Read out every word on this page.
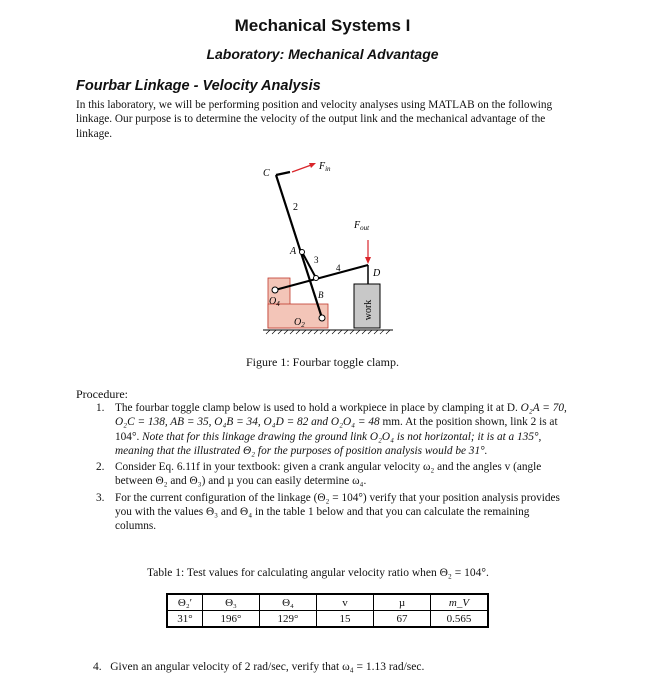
Mechanical Systems I
Laboratory: Mechanical Advantage
Fourbar Linkage - Velocity Analysis
In this laboratory, we will be performing position and velocity analyses using MATLAB on the following linkage. Our purpose is to determine the velocity of the output link and the mechanical advantage of the linkage.
work
C
$F_{in}$
2
$F_{out}$
A
3
4	D
$O_4$
B
$O_2$
Figure 1: Fourbar toggle clamp.
Procedure:
1. The fourbar toggle clamp below is used to hold a workpiece in place by clamping it at D. O₂A = 70, O₂C = 138, AB = 35, O₄B = 34, O₄D = 82 and O₂O₄ = 48 mm. At the position shown, link 2 is at 104°. Note that for this linkage drawing the ground link O₂O₄ is not horizontal; it is at a 135°, meaning that the illustrated Θ₂ for the purposes of position analysis would be 31°.
2. Consider Eq. 6.11f in your textbook: given a crank angular velocity ω₂ and the angles v (angle between Θ₂ and Θ₃) and µ you can easily determine ω₄.
3. For the current configuration of the linkage (Θ₂ = 104°) verify that your position analysis provides you with the values Θ₃ and Θ₄ in the table 1 below and that you can calculate the remaining columns.
Table 1: Test values for calculating angular velocity ratio when Θ₂ = 104°.
Θ₂′	Θ₃	Θ₄	v	µ	m_V
31°	196°	129°	15	67	0.565
4. Given an angular velocity of 2 rad/sec, verify that ω₄ = 1.13 rad/sec.
